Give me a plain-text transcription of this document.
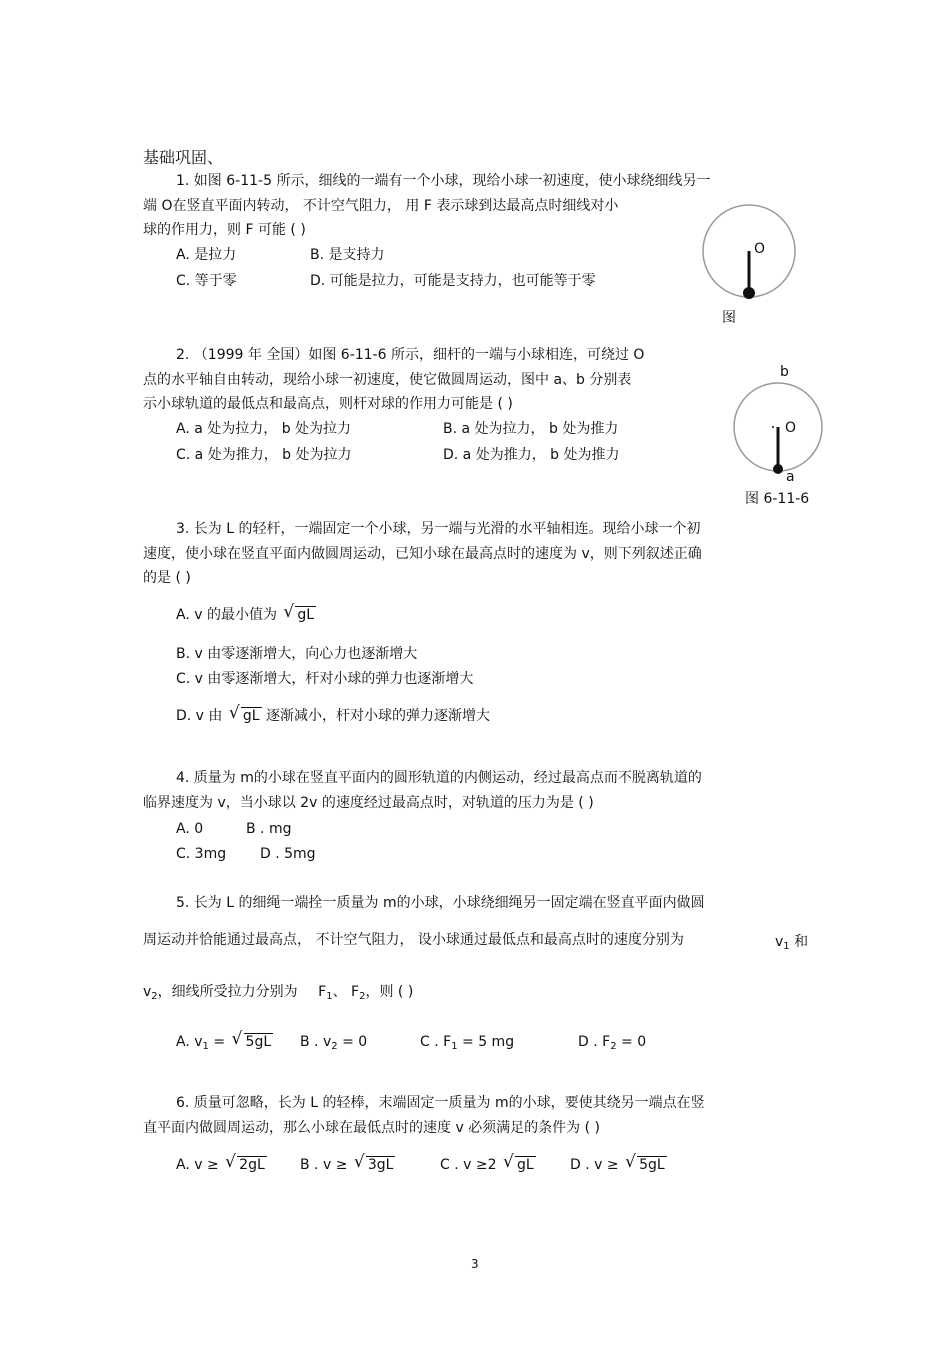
基础巩固、
1. 如图 6-11-5 所示，细线的一端有一个小球，现给小球一初速度，使小球绕细线另一
端 O在竖直平面内转动， 不计空气阻力， 用 F 表示球到达最高点时细线对小
球的作用力，则 F 可能 ( )
A. 是拉力	B. 是支持力
C. 等于零	D. 可能是拉力，可能是支持力，也可能等于零
O
图
2. （1999 年 全国）如图 6-11-6 所示，细杆的一端与小球相连，可绕过 O
点的水平轴自由转动，现给小球一初速度，使它做圆周运动，图中 a、b 分别表
示小球轨道的最低点和最高点，则杆对球的作用力可能是 ( )
A. a 处为拉力， b 处为拉力	B. a 处为拉力， b 处为推力
C. a 处为推力， b 处为拉力	D. a 处为推力， b 处为推力
b
O
a
图 6-11-6
3. 长为 L 的轻杆，一端固定一个小球，另一端与光滑的水平轴相连。现给小球一个初
速度，使小球在竖直平面内做圆周运动，已知小球在最高点时的速度为 v，则下列叙述正确
的是 ( )
A. v 的最小值为 √ gL
B. v 由零逐渐增大，向心力也逐渐增大
C. v 由零逐渐增大，杆对小球的弹力也逐渐增大
D. v 由 √ gL 逐渐减小，杆对小球的弹力逐渐增大
4. 质量为 m的小球在竖直平面内的圆形轨道的内侧运动，经过最高点而不脱离轨道的
临界速度为 v，当小球以 2v 的速度经过最高点时，对轨道的压力为是 ( )
A. 0	B . mg
C. 3mg D . 5mg
5. 长为 L 的细绳一端拴一质量为 m的小球，小球绕细绳另一固定端在竖直平面内做圆
周运动并恰能通过最高点， 不计空气阻力， 设小球通过最低点和最高点时的速度分别为	$v_1$ 和
$v_2$，细线所受拉力分别为 $F_1$、 $F_2$，则 ( )
A. $v_1$ = √ 5gL B . $v_2 = 0$	C . $F_1 = 5$ mg	D . $F_2 = 0$
6. 质量可忽略，长为 L 的轻棒，末端固定一质量为 m的小球，要使其绕另一端点在竖
直平面内做圆周运动，那么小球在最低点时的速度 v 必须满足的条件为 ( )
A. v ≥ √ 2gL	B . v ≥ √ 3gL	C . v ≥2 √ gL	D . v ≥ √ 5gL
3
